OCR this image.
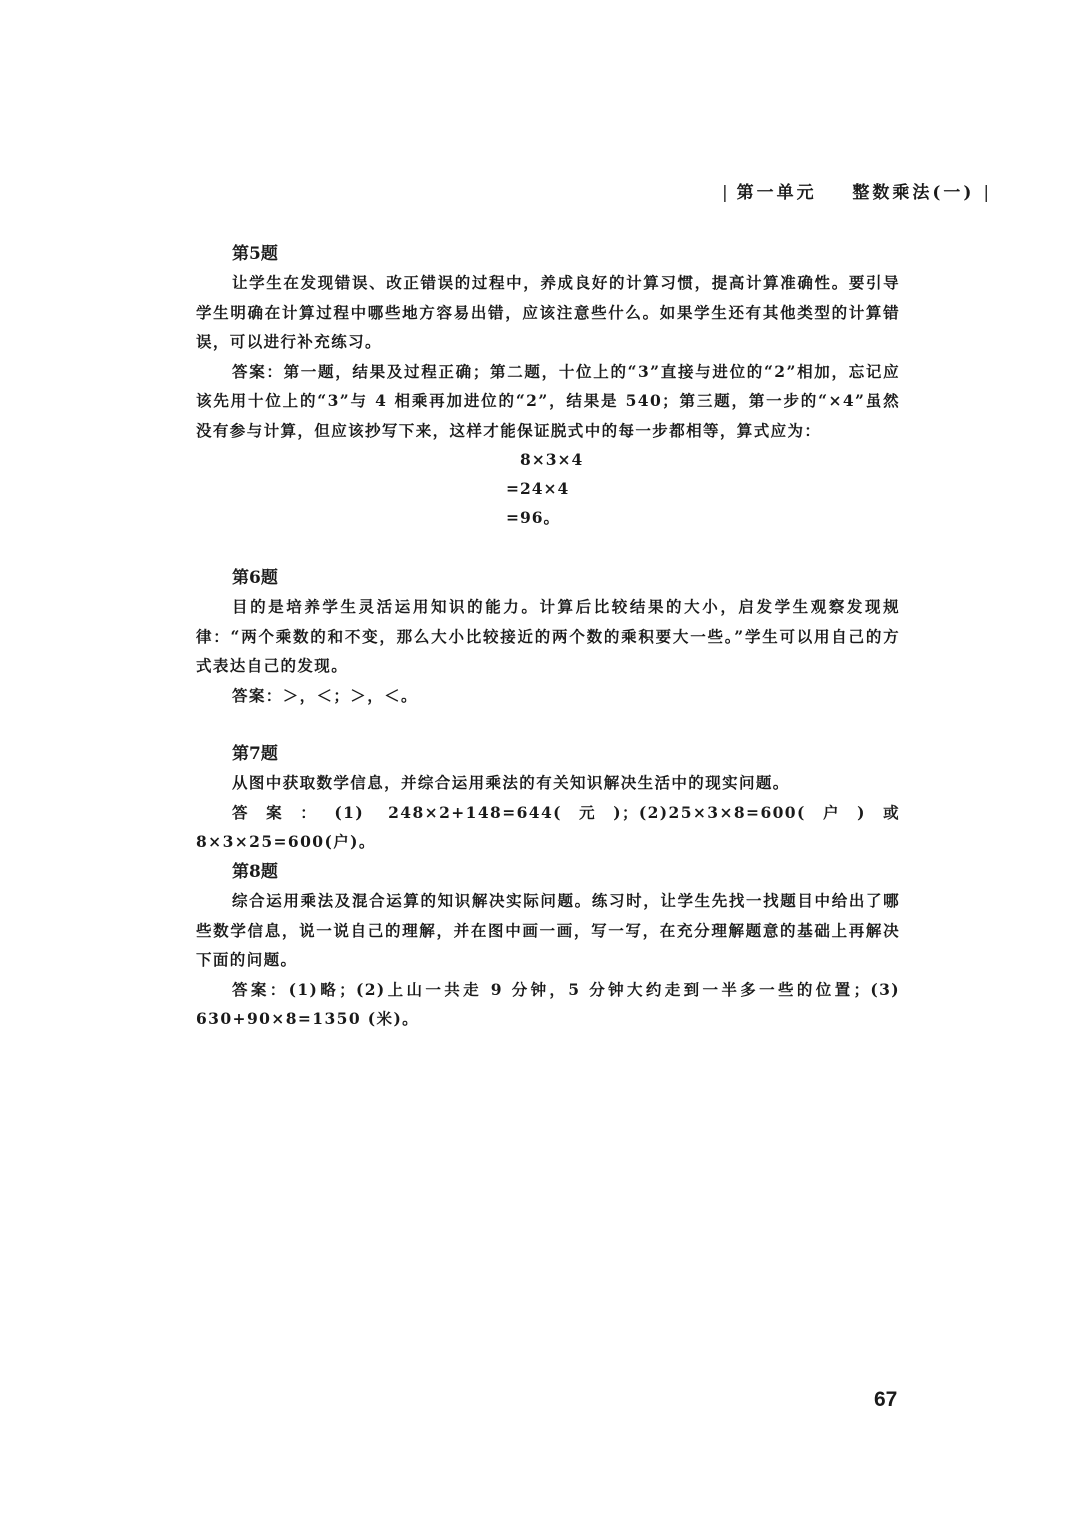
| 第一单元 整数乘法(一) |
第5题

让学生在发现错误、改正错误的过程中，养成良好的计算习惯，提高计算准确性。要引导学生明确在计算过程中哪些地方容易出错，应该注意些什么。如果学生还有其他类型的计算错误，可以进行补充练习。

答案：第一题，结果及过程正确；第二题，十位上的“3”直接与进位的“2”相加，忘记应该先用十位上的“3”与 4 相乘再加进位的“2”，结果是 540；第三题，第一步的“×4”虽然没有参与计算，但应该抄写下来，这样才能保证脱式中的每一步都相等，算式应为：

8×3×4
=24×4
=96。
第6题

目的是培养学生灵活运用知识的能力。计算后比较结果的大小，启发学生观察发现规律：“两个乘数的和不变，那么大小比较接近的两个数的乘积要大一些。”学生可以用自己的方式表达自己的发现。

答案：＞，＜；＞，＜。

第7题

从图中获取数学信息，并综合运用乘法的有关知识解决生活中的现实问题。

答案：(1) 248×2+148=644(元)；(2)25×3×8=600(户)或 8×3×25=600(户)。

第8题

综合运用乘法及混合运算的知识解决实际问题。练习时，让学生先找一找题目中给出了哪些数学信息，说一说自己的理解，并在图中画一画，写一写，在充分理解题意的基础上再解决下面的问题。

答案：(1)略；(2)上山一共走 9 分钟，5 分钟大约走到一半多一些的位置；(3) 630+90×8=1350 (米)。

67
